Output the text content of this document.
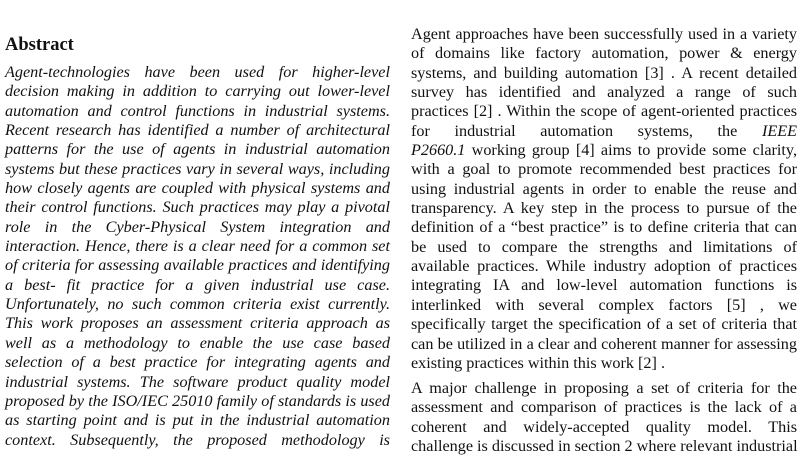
Abstract
Agent-technologies have been used for higher-level
decision making in addition to carrying out lower-level
automation and control functions in industrial systems.
Recent research has identified a number of architectural
patterns for the use of agents in industrial automation
systems but these practices vary in several ways, including
how closely agents are coupled with physical systems and
their control functions. Such practices may play a pivotal
role in the Cyber-Physical System integration and
interaction. Hence, there is a clear need for a common set
of criteria for assessing available practices and identifying
a best- fit practice for a given industrial use case.
Unfortunately, no such common criteria exist currently.
This work proposes an assessment criteria approach as
well as a methodology to enable the use case based
selection of a best practice for integrating agents and
industrial systems. The software product quality model
proposed by the ISO/IEC 25010 family of standards is used
as starting point and is put in the industrial automation
context. Subsequently, the proposed methodology is
Agent approaches have been successfully used in a variety
of domains like factory automation, power & energy
systems, and building automation [3] . A recent detailed
survey has identified and analyzed a range of such
practices [2] . Within the scope of agent-oriented practices
for industrial automation systems, the IEEE
P2660.1 working group [4] aims to provide some clarity,
with a goal to promote recommended best practices for
using industrial agents in order to enable the reuse and
transparency. A key step in the process to pursue of the
definition of a “best practice” is to define criteria that can
be used to compare the strengths and limitations of
available practices. While industry adoption of practices
integrating IA and low-level automation functions is
interlinked with several complex factors [5] , we
specifically target the specification of a set of criteria that
can be utilized in a clear and coherent manner for assessing
existing practices within this work [2] .
A major challenge in proposing a set of criteria for the
assessment and comparison of practices is the lack of a
coherent and widely-accepted quality model. This
challenge is discussed in section 2 where relevant industrial
